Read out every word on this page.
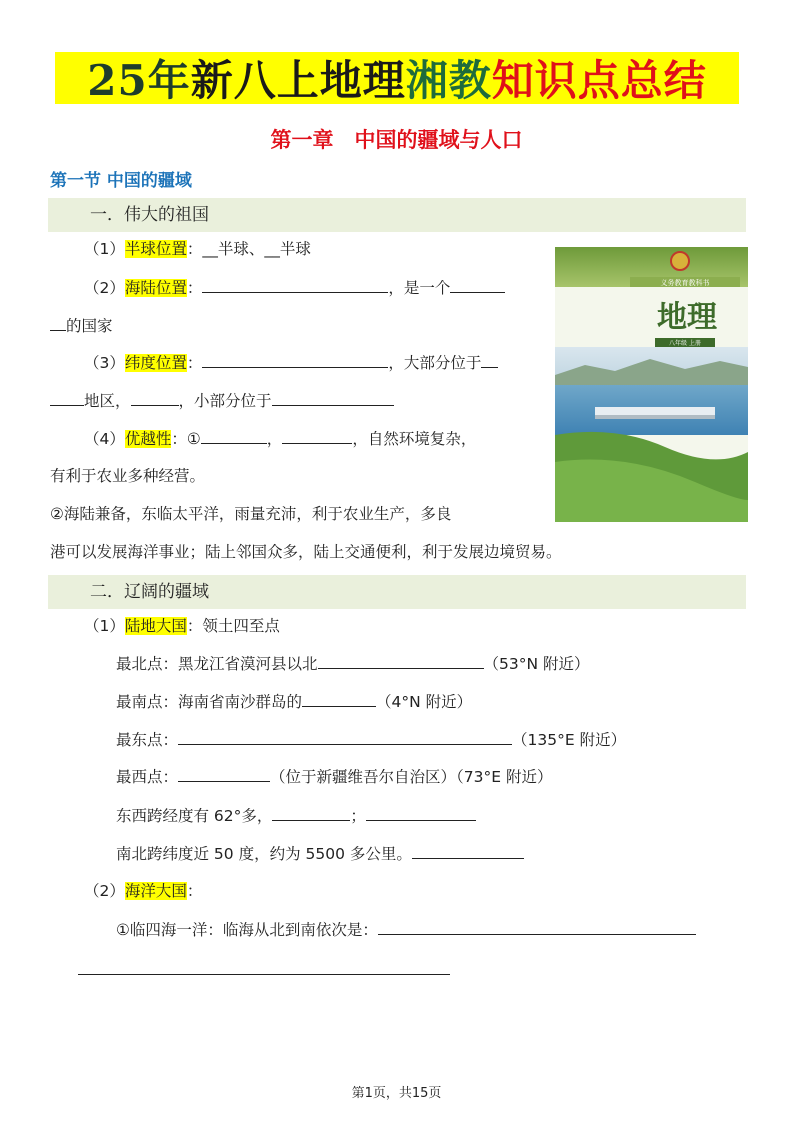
25年 新八上地理 湘教 知识点总结
第一章　中国的疆域与人口
第一节 中国的疆域
一．伟大的祖国
（1）半球位置：__半球、__半球
（2）海陆位置：	，是一个
的国家
（3）纬度位置：	，大部分位于
地区，	，小部分位于
（4）优越性：①	，	，自然环境复杂，
有利于农业多种经营。
②海陆兼备，东临太平洋，雨量充沛，利于农业生产，多良
港可以发展海洋事业；陆上邻国众多，陆上交通便利，利于发展边境贸易。
义务教育教科书
地理
八年级 上册
二．辽阔的疆域
（1）陆地大国：领土四至点
最北点：黑龙江省漠河县以北	（53°N 附近）
最南点：海南省南沙群岛的	（4°N 附近）
最东点：	（135°E 附近）
最西点：	（位于新疆维吾尔自治区）（73°E 附近）
东西跨经度有 62°多，	；
南北跨纬度近 50 度，约为 5500 多公里。
（2）海洋大国：
①临四海一洋：临海从北到南依次是：
第1页，共15页
